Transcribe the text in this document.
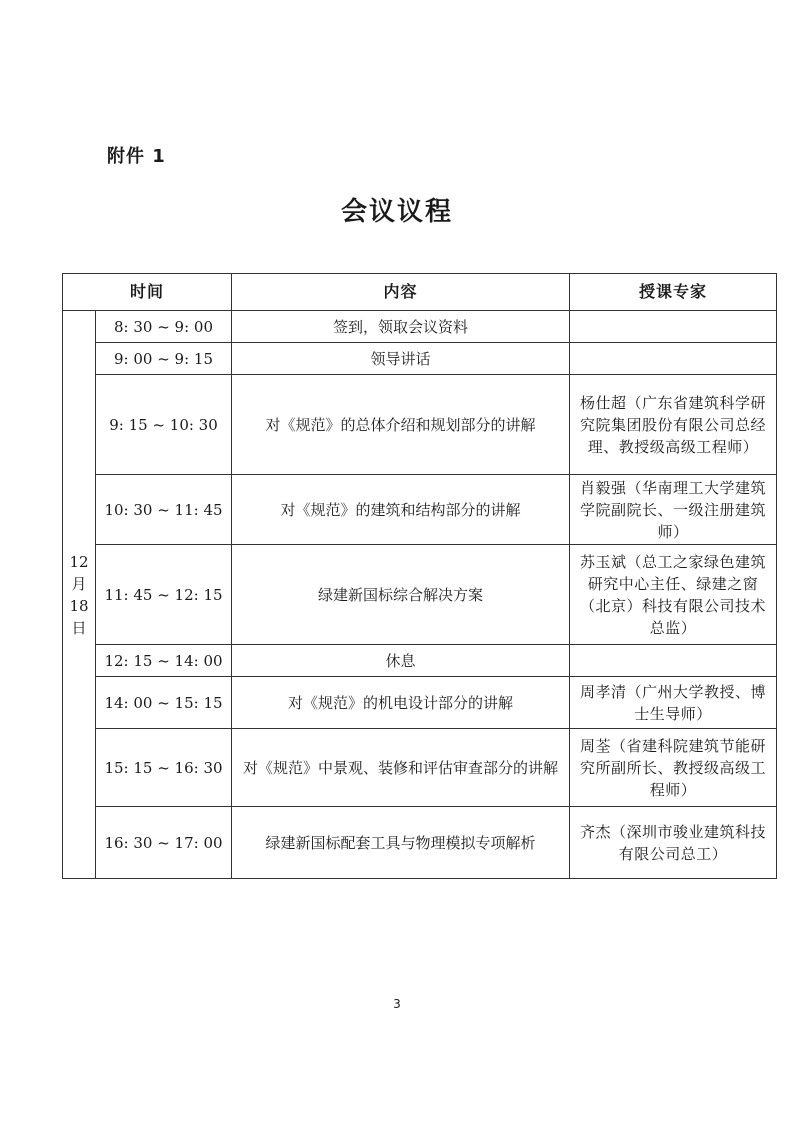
附件 1

会议议程
时间		内容	授课专家
12
月
18
日	8: 30 ~ 9: 00	签到，领取会议资料	
	9: 00 ~ 9: 15	领导讲话	
	9: 15 ~ 10: 30	对《规范》的总体介绍和规划部分的讲解	杨仕超（广东省建筑科学研究院集团股份有限公司总经理、教授级高级工程师）
	10: 30 ~ 11: 45	对《规范》的建筑和结构部分的讲解	肖毅强（华南理工大学建筑学院副院长、一级注册建筑师）
	11: 45 ~ 12: 15	绿建新国标综合解决方案	苏玉斌（总工之家绿色建筑研究中心主任、绿建之窗（北京）科技有限公司技术总监）
	12: 15 ~ 14: 00	休息	
	14: 00 ~ 15: 15	对《规范》的机电设计部分的讲解	周孝清（广州大学教授、博士生导师）
	15: 15 ~ 16: 30	对《规范》中景观、装修和评估审查部分的讲解	周荃（省建科院建筑节能研究所副所长、教授级高级工程师）
	16: 30 ~ 17: 00	绿建新国标配套工具与物理模拟专项解析	齐杰（深圳市骏业建筑科技有限公司总工）
3
